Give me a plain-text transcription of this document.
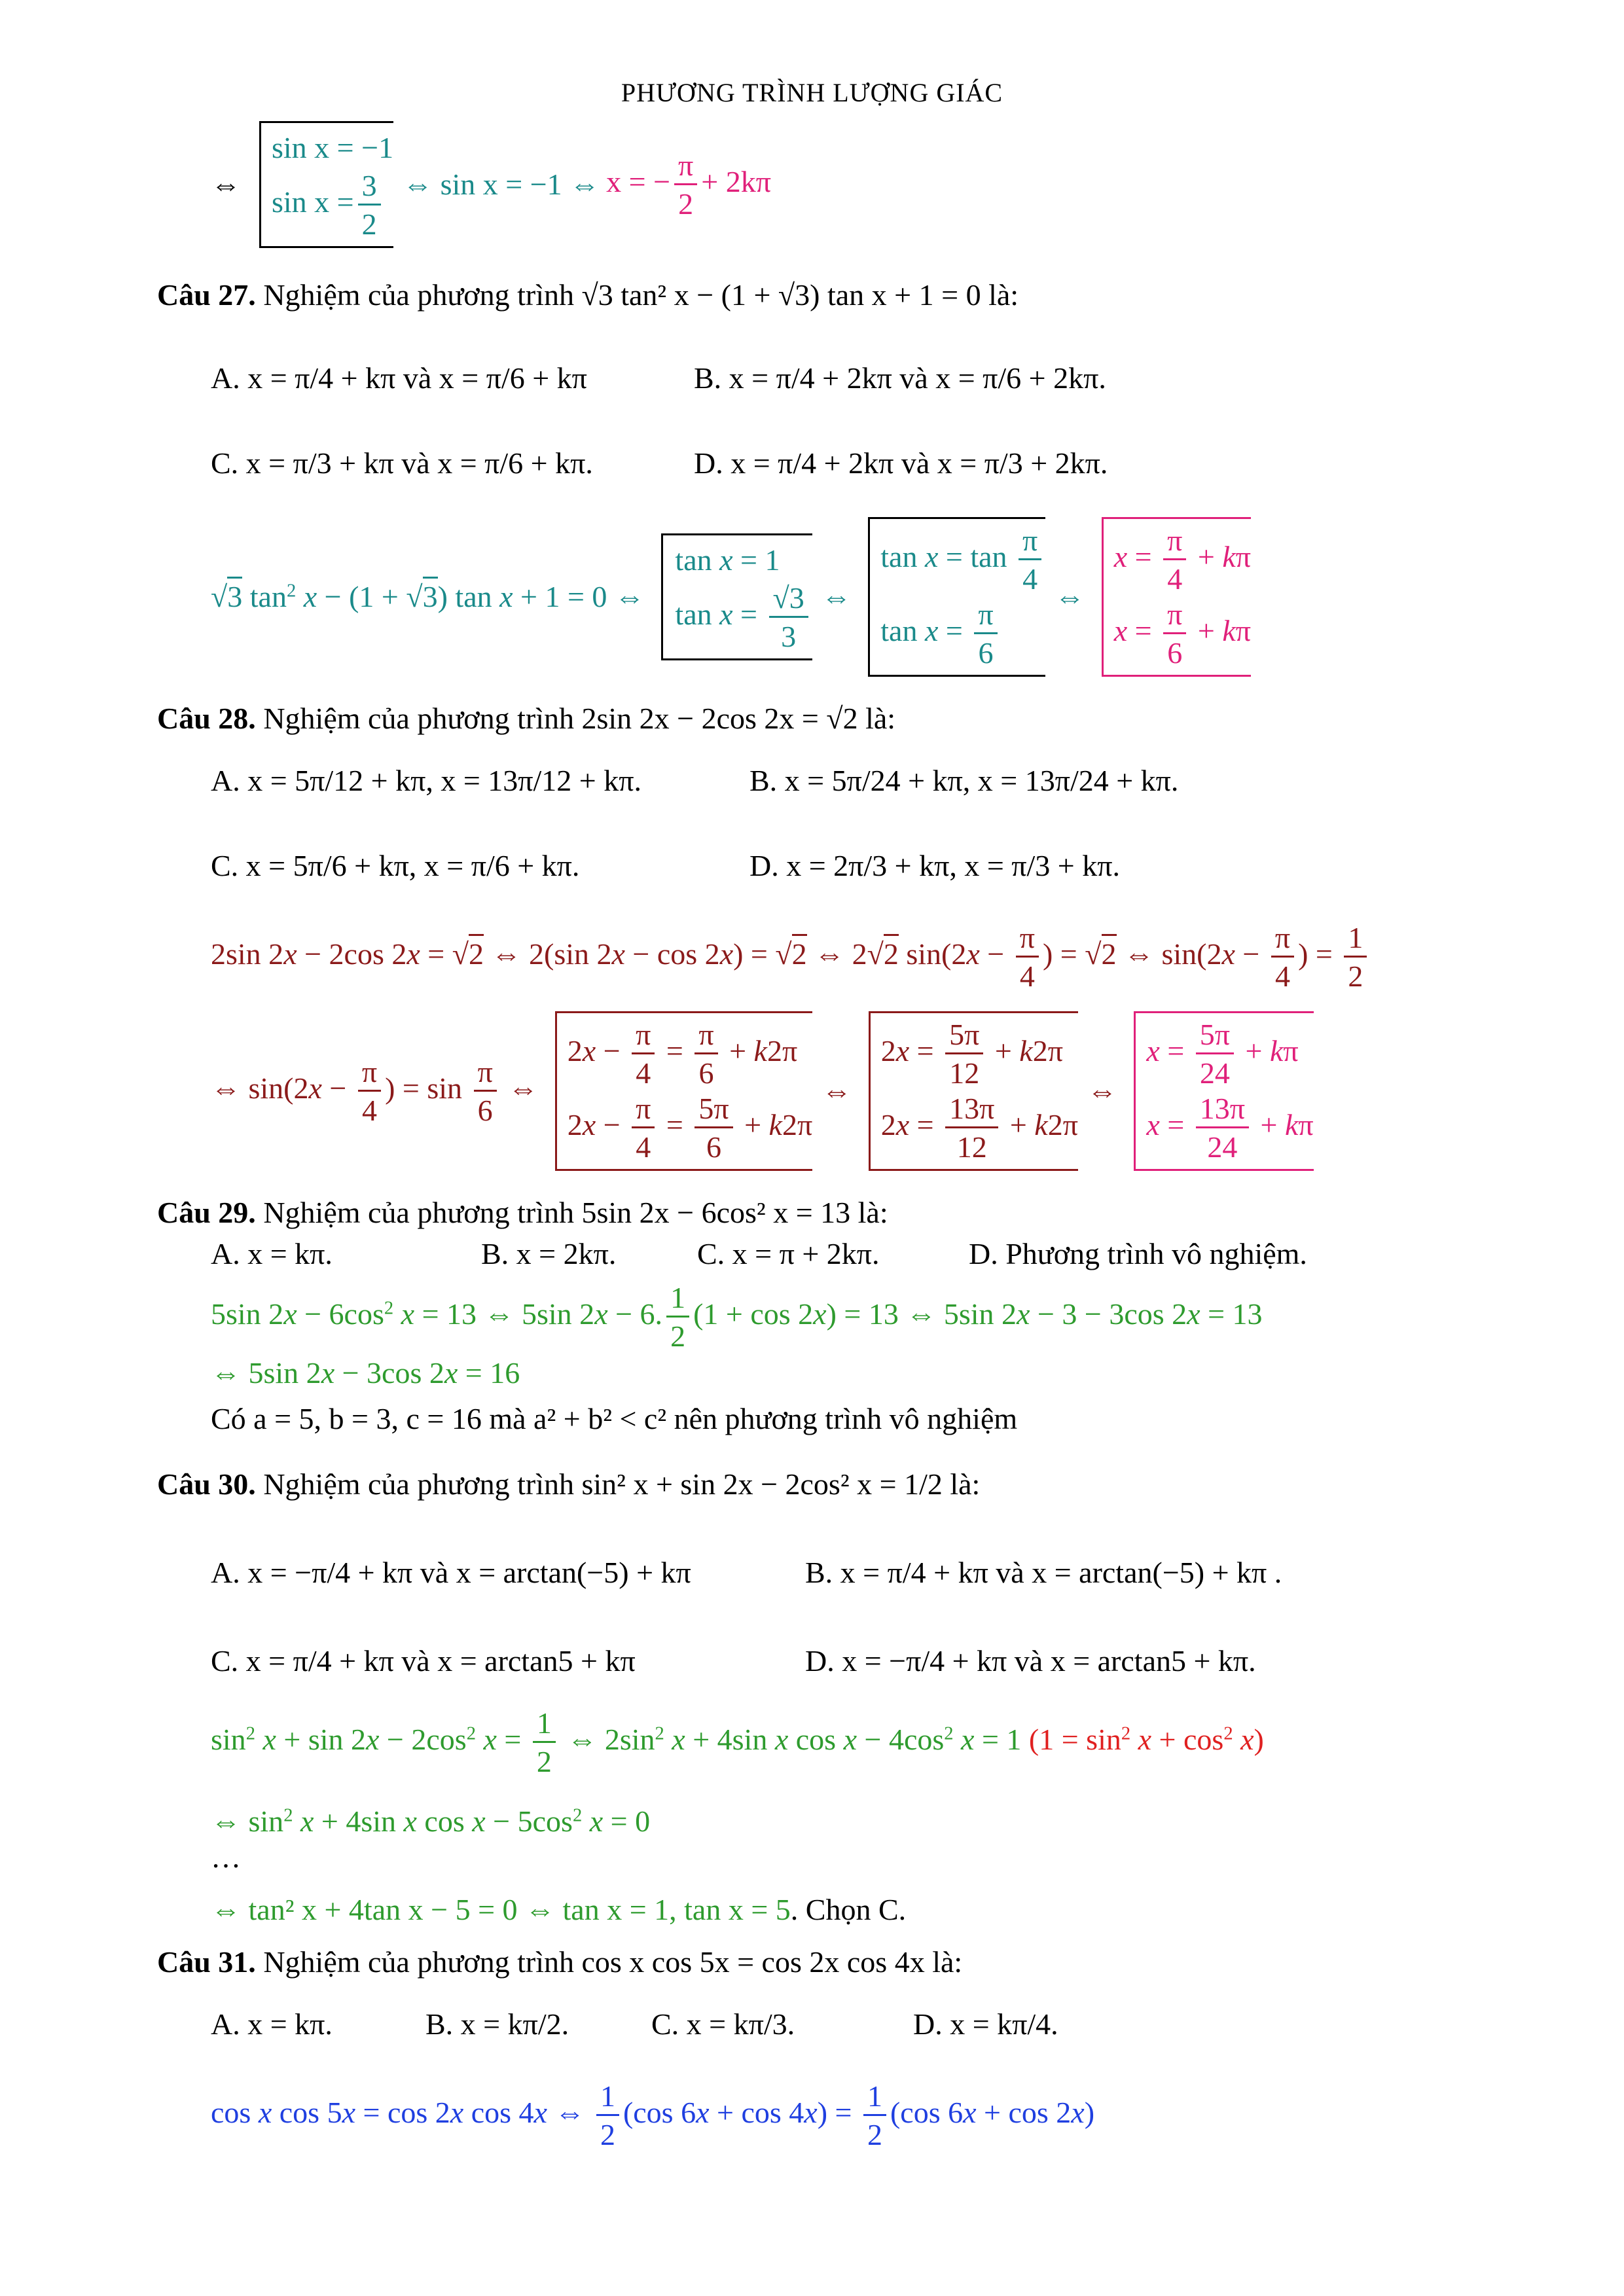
PHƯƠNG TRÌNH LƯỢNG GIÁC
⇔
sin x = −1
$\sin x = \frac{3}{2}$ ⇔ sin x = −1 ⇔ x = − $\frac{\pi}{2} + 2k\pi$
Câu 27. Nghiệm của phương trình √3 tan² x − (1 + √3) tan x + 1 = 0 là:
A. x = π/4 + kπ và x = π/6 + kπ	B. x = π/4 + 2kπ và x = π/6 + 2kπ.
C. x = π/3 + kπ và x = π/6 + kπ.	D. x = π/4 + 2kπ và x = π/3 + 2kπ.
√3 $\tan^2 x - (1 + √3)$ tan x + 1 = 0 ⇔
tan x = 1
$\tan x = \frac{√3}{3}$ ⇔
$\tan x = \tan \frac{\pi}{4}$
$\tan x = \frac{\pi}{6}$
⇔
$x = \frac{\pi}{4} + k\pi$
$x = \frac{\pi}{6} + k\pi$
Câu 28. Nghiệm của phương trình 2sin 2x − 2cos 2x = √2 là:
A. x = 5π/12 + kπ, x = 13π/12 + kπ.	B. x = 5π/24 + kπ, x = 13π/24 + kπ.
C. x = 5π/6 + kπ, x = π/6 + kπ.	D. x = 2π/3 + kπ, x = π/3 + kπ.
2sin 2x − 2cos 2x = √2 ⇔ 2(sin 2x − cos 2x) = √2 ⇔ 2√2 $\sin(2x - \frac{\pi}{4}$ ) = √2 ⇔ $\sin(2x - \frac{\pi}{4}$ ) = $\frac{1}{2}$
⇔ $\sin(2x - \frac{\pi}{4}$ ) = $\sin \frac{\pi}{6}$ ⇔
$2x - \frac{\pi}{4} = \frac{\pi}{6} + k2\pi$
$2x - \frac{\pi}{4} = \frac{5\pi}{6} + k2\pi$
⇔
$2x = \frac{5\pi}{12} + k2\pi$
$2x = \frac{13\pi}{12} + k2\pi$
⇔
$x = \frac{5\pi}{24} + k\pi$
$x = \frac{13\pi}{24} + k\pi$
Câu 29. Nghiệm của phương trình 5sin 2x − 6cos² x = 13 là:
A. x = kπ.	B. x = 2kπ.	C. x = π + 2kπ.	D. Phương trình vô nghiệm.
5sin $2x - 6\cos^2$ x = 13 ⇔ 5sin 2x − 6. $\frac{1}{2} (1 + \cos 2x) = 13$ ⇔ 5sin 2x − 3 − 3cos 2x = 13
⇔ 5sin 2x − 3cos 2x = 16
Có a = 5, b = 3, c = 16 mà a² + b² < c² nên phương trình vô nghiệm
Câu 30. Nghiệm của phương trình sin² x + sin 2x − 2cos² x = 1/2 là:
A. x = −π/4 + kπ và x = arctan(−5) + kπ	B. x = π/4 + kπ và x = arctan(−5) + kπ .
C. x = π/4 + kπ và x = arctan5 + kπ	D. x = −π/4 + kπ và x = arctan5 + kπ.
$\sin^2 x + \sin 2x - 2\cos^2$ $x = \frac{1}{2}$ ⇔ $2\sin^2$ x + 4sin x $\cos x - 4\cos^2$ x = 1 $(1 = \sin^2 x + \cos^2 x)$
⇔ $\sin^2 x + 4\sin$ x $\cos x - 5\cos^2$ x = 0
…
⇔ tan² x + 4tan x − 5 = 0 ⇔ tan x = 1, tan x = 5. Chọn C.
Câu 31. Nghiệm của phương trình cos x cos 5x = cos 2x cos 4x là:
A. x = kπ.	B. x = kπ/2.	C. x = kπ/3.	D. x = kπ/4.
cos x cos 5x = cos 2x cos 4x ⇔ $\frac{1}{2} (\cos$ $6x + \cos 4x) = \frac{1}{2} (\cos$ 6x + cos 2x)
